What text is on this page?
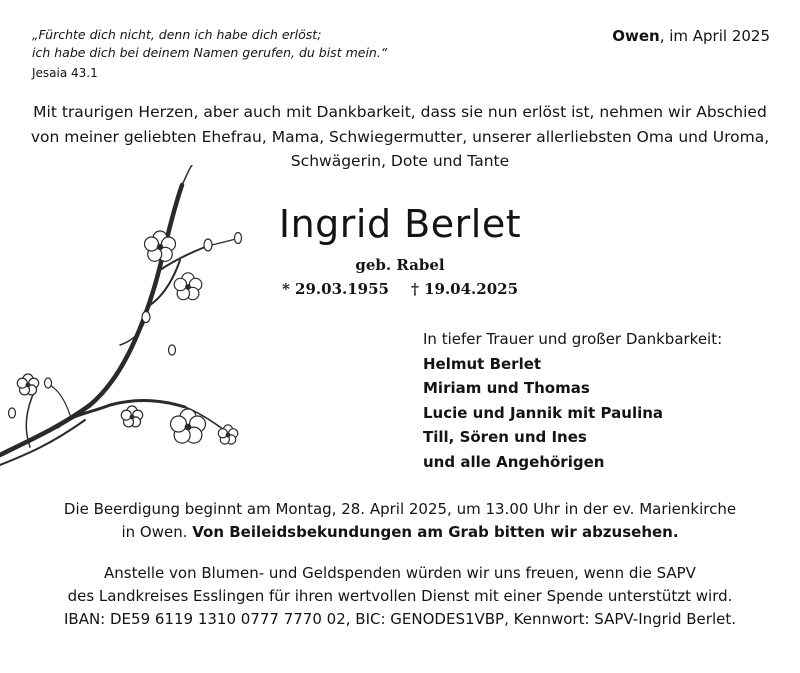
„Fürchte dich nicht, denn ich habe dich erlöst;
ich habe dich bei deinem Namen gerufen, du bist mein.“
Jesaia 43.1
Owen, im April 2025
Mit traurigen Herzen, aber auch mit Dankbarkeit, dass sie nun erlöst ist, nehmen wir Abschied
von meiner geliebten Ehefrau, Mama, Schwiegermutter, unserer allerliebsten Oma und Uroma,
Schwägerin, Dote und Tante
Ingrid Berlet
geb. Rabel
* 29.03.1955 † 19.04.2025
In tiefer Trauer und großer Dankbarkeit:
Helmut Berlet
Miriam und Thomas
Lucie und Jannik mit Paulina
Till, Sören und Ines
und alle Angehörigen
Die Beerdigung beginnt am Montag, 28. April 2025, um 13.00 Uhr in der ev. Marienkirche
in Owen. Von Beileidsbekundungen am Grab bitten wir abzusehen.
Anstelle von Blumen- und Geldspenden würden wir uns freuen, wenn die SAPV
des Landkreises Esslingen für ihren wertvollen Dienst mit einer Spende unterstützt wird.
IBAN: DE59 6119 1310 0777 7770 02, BIC: GENODES1VBP, Kennwort: SAPV-Ingrid Berlet.
